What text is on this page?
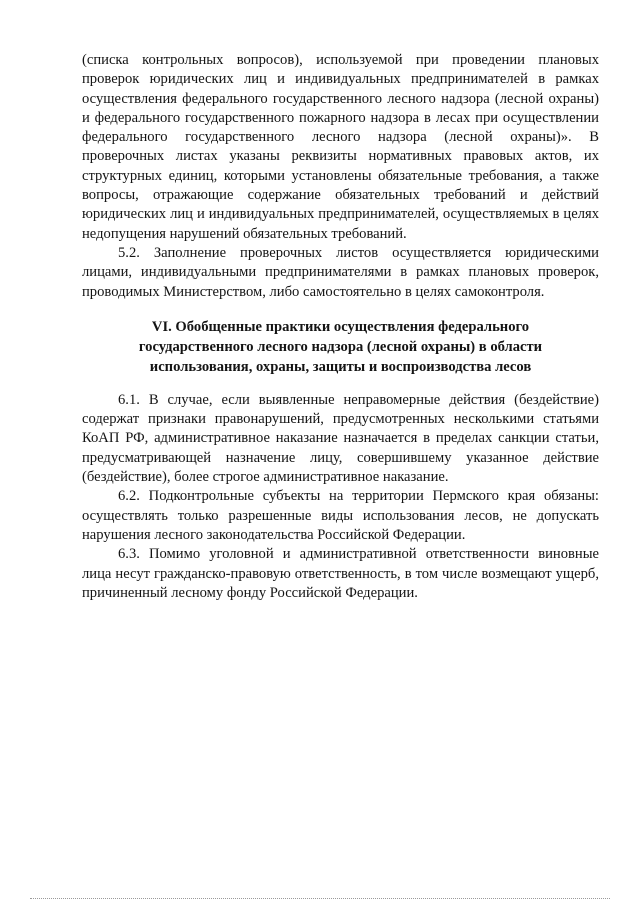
(списка контрольных вопросов), используемой при проведении плановых проверок юридических лиц и индивидуальных предпринимателей в рамках осуществления федерального государственного лесного надзора (лесной охраны) и федерального государственного пожарного надзора в лесах при осуществлении федерального государственного лесного надзора (лесной охраны)». В проверочных листах указаны реквизиты нормативных правовых актов, их структурных единиц, которыми установлены обязательные требования, а также вопросы, отражающие содержание обязательных требований и действий юридических лиц и индивидуальных предпринимателей, осуществляемых в целях недопущения нарушений обязательных требований.

5.2. Заполнение проверочных листов осуществляется юридическими лицами, индивидуальными предпринимателями в рамках плановых проверок, проводимых Министерством, либо самостоятельно в целях самоконтроля.

VI. Обобщенные практики осуществления федерального
государственного лесного надзора (лесной охраны) в области
использования, охраны, защиты и воспроизводства лесов

6.1. В случае, если выявленные неправомерные действия (бездействие) содержат признаки правонарушений, предусмотренных несколькими статьями КоАП РФ, административное наказание назначается в пределах санкции статьи, предусматривающей назначение лицу, совершившему указанное действие (бездействие), более строгое административное наказание.

6.2. Подконтрольные субъекты на территории Пермского края обязаны: осуществлять только разрешенные виды использования лесов, не допускать нарушения лесного законодательства Российской Федерации.

6.3. Помимо уголовной и административной ответственности виновные лица несут гражданско-правовую ответственность, в том числе возмещают ущерб, причиненный лесному фонду Российской Федерации.
